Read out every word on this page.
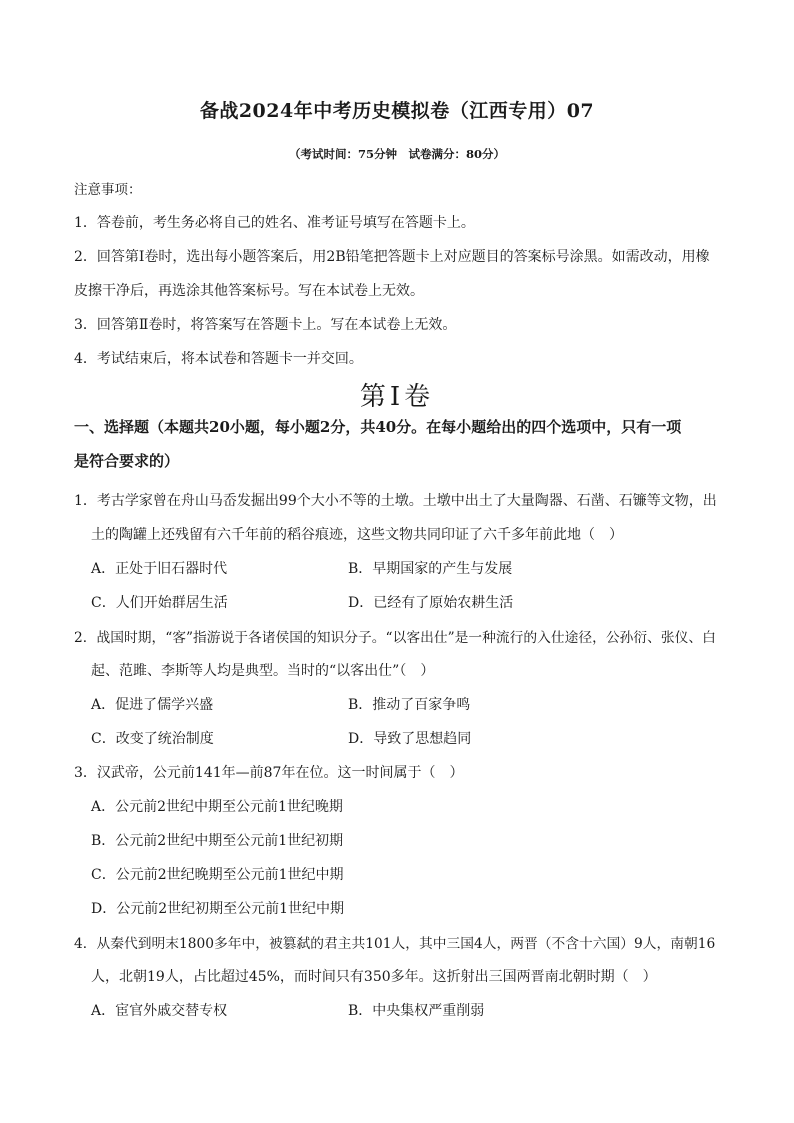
备战2024年中考历史模拟卷（江西专用）07
（考试时间：75分钟　试卷满分：80分）
注意事项：
1．答卷前，考生务必将自己的姓名、准考证号填写在答题卡上。
2．回答第Ⅰ卷时，选出每小题答案后，用2B铅笔把答题卡上对应题目的答案标号涂黑。如需改动，用橡
皮擦干净后，再选涂其他答案标号。写在本试卷上无效。
3．回答第Ⅱ卷时，将答案写在答题卡上。写在本试卷上无效。
4．考试结束后，将本试卷和答题卡一并交回。
第Ⅰ卷
一、选择题（本题共20小题，每小题2分，共40分。在每小题给出的四个选项中，只有一项
是符合要求的）
1．考古学家曾在舟山马岙发掘出99个大小不等的土墩。土墩中出土了大量陶器、石凿、石镰等文物，出
土的陶罐上还残留有六千年前的稻谷痕迹，这些文物共同印证了六千多年前此地（　）
A．正处于旧石器时代	B．早期国家的产生与发展
C．人们开始群居生活	D．已经有了原始农耕生活
2．战国时期，“客”指游说于各诸侯国的知识分子。“以客出仕”是一种流行的入仕途径，公孙衍、张仪、白
起、范雎、李斯等人均是典型。当时的“以客出仕”（　）
A．促进了儒学兴盛	B．推动了百家争鸣
C．改变了统治制度	D．导致了思想趋同
3．汉武帝，公元前141年—前87年在位。这一时间属于（　）
A．公元前2世纪中期至公元前1世纪晚期
B．公元前2世纪中期至公元前1世纪初期
C．公元前2世纪晚期至公元前1世纪中期
D．公元前2世纪初期至公元前1世纪中期
4．从秦代到明末1800多年中，被篡弑的君主共101人，其中三国4人，两晋（不含十六国）9人，南朝16
人，北朝19人，占比超过45%，而时间只有350多年。这折射出三国两晋南北朝时期（　）
A．宦官外戚交替专权	B．中央集权严重削弱
